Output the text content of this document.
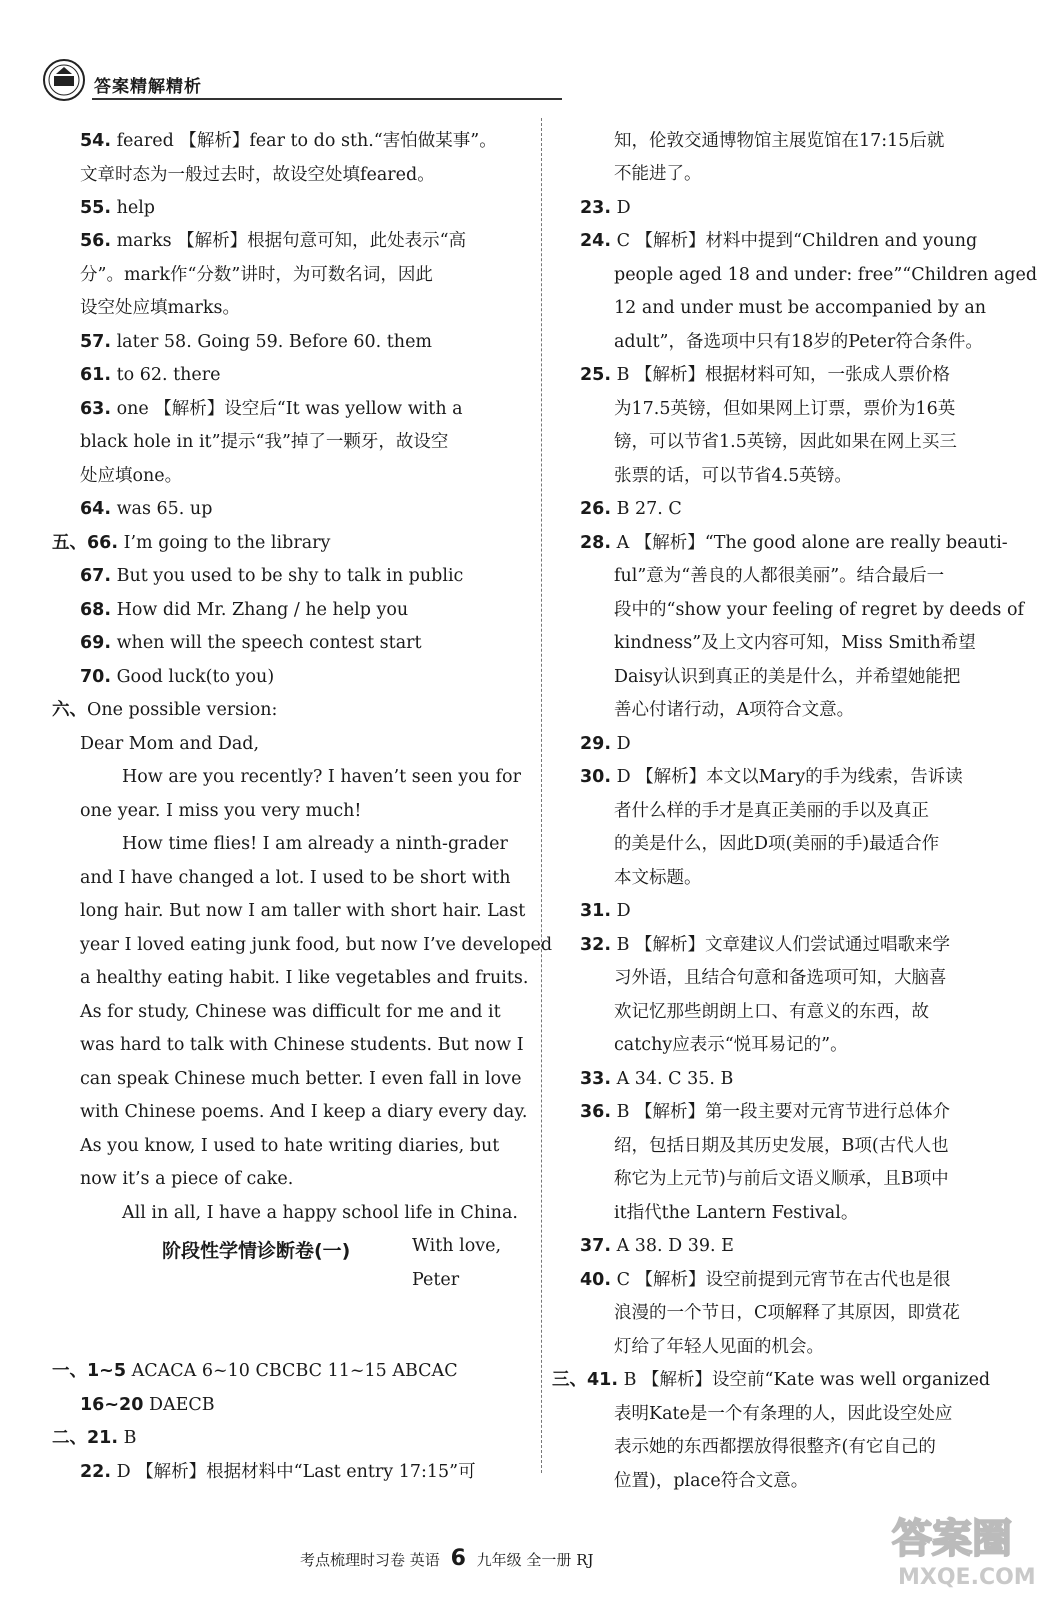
答案精解精析
54. feared 【解析】fear to do sth.“害怕做某事”。
文章时态为一般过去时，故设空处填feared。
55. help
56. marks 【解析】根据句意可知，此处表示“高
分”。mark作“分数”讲时，为可数名词，因此
设空处应填marks。
57. later 58. Going 59. Before 60. them
61. to 62. there
63. one 【解析】设空后“It was yellow with a
black hole in it”提示“我”掉了一颗牙，故设空
处应填one。
64. was 65. up
五、66. I’m going to the library
67. But you used to be shy to talk in public
68. How did Mr. Zhang / he help you
69. when will the speech contest start
70. Good luck(to you)
六、One possible version:
Dear Mom and Dad,
How are you recently? I haven’t seen you for
one year. I miss you very much!
How time flies! I am already a ninth-grader
and I have changed a lot. I used to be short with
long hair. But now I am taller with short hair. Last
year I loved eating junk food, but now I’ve developed
a healthy eating habit. I like vegetables and fruits.
As for study, Chinese was difficult for me and it
was hard to talk with Chinese students. But now I
can speak Chinese much better. I even fall in love
with Chinese poems. And I keep a diary every day.
As you know, I used to hate writing diaries, but
now it’s a piece of cake.
All in all, I have a happy school life in China.
With love,
Peter
阶段性学情诊断卷(一)
一、1~5 ACACA 6~10 CBCBC 11~15 ABCAC
16~20 DAECB
二、21. B
22. D 【解析】根据材料中“Last entry 17:15”可
知，伦敦交通博物馆主展览馆在17:15后就
不能进了。
23. D
24. C 【解析】材料中提到“Children and young
people aged 18 and under: free”“Children aged
12 and under must be accompanied by an
adult”，备选项中只有18岁的Peter符合条件。
25. B 【解析】根据材料可知，一张成人票价格
为17.5英镑，但如果网上订票，票价为16英
镑，可以节省1.5英镑，因此如果在网上买三
张票的话，可以节省4.5英镑。
26. B 27. C
28. A 【解析】“The good alone are really beauti-
ful”意为“善良的人都很美丽”。结合最后一
段中的“show your feeling of regret by deeds of
kindness”及上文内容可知，Miss Smith希望
Daisy认识到真正的美是什么，并希望她能把
善心付诸行动，A项符合文意。
29. D
30. D 【解析】本文以Mary的手为线索，告诉读
者什么样的手才是真正美丽的手以及真正
的美是什么，因此D项(美丽的手)最适合作
本文标题。
31. D
32. B 【解析】文章建议人们尝试通过唱歌来学
习外语，且结合句意和备选项可知，大脑喜
欢记忆那些朗朗上口、有意义的东西，故
catchy应表示“悦耳易记的”。
33. A 34. C 35. B
36. B 【解析】第一段主要对元宵节进行总体介
绍，包括日期及其历史发展，B项(古代人也
称它为上元节)与前后文语义顺承，且B项中
it指代the Lantern Festival。
37. A 38. D 39. E
40. C 【解析】设空前提到元宵节在古代也是很
浪漫的一个节日，C项解释了其原因，即赏花
灯给了年轻人见面的机会。
三、41. B 【解析】设空前“Kate was well organized
表明Kate是一个有条理的人，因此设空处应
表示她的东西都摆放得很整齐(有它自己的
位置)，place符合文意。
考点梳理时习卷 英语 6 九年级 全一册 RJ	答案圈
MXQE.COM
